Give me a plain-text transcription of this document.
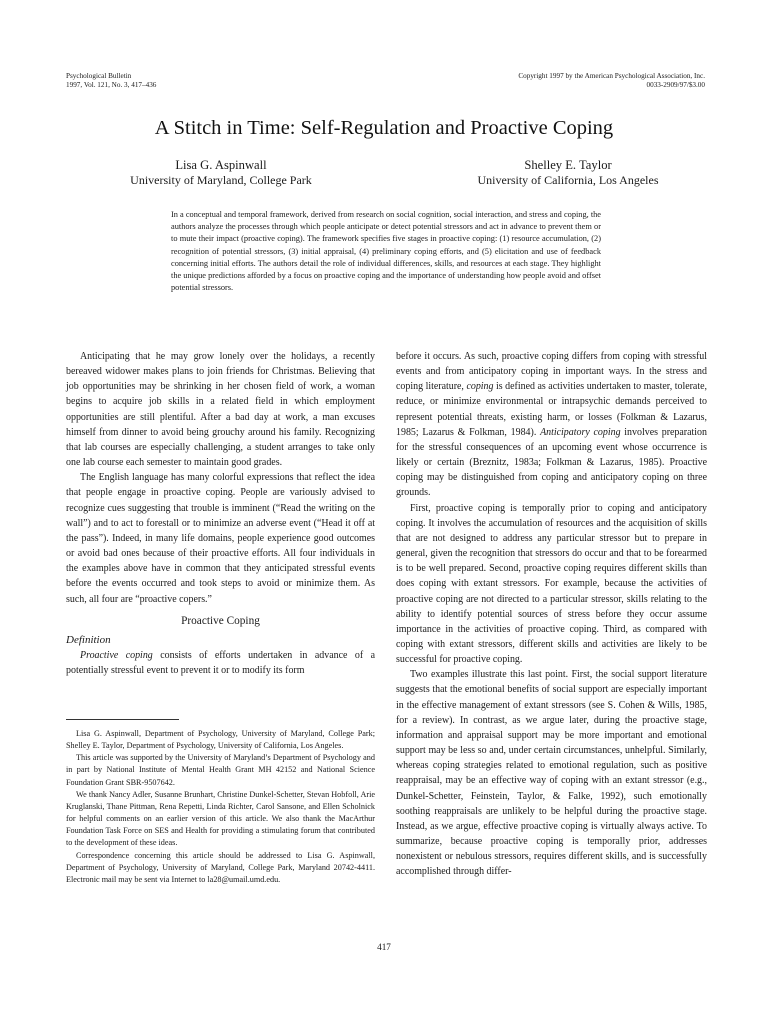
Psychological Bulletin
1997, Vol. 121, No. 3, 417–436
Copyright 1997 by the American Psychological Association, Inc.
0033-2909/97/$3.00
A Stitch in Time: Self-Regulation and Proactive Coping
Lisa G. Aspinwall
University of Maryland, College Park
Shelley E. Taylor
University of California, Los Angeles
In a conceptual and temporal framework, derived from research on social cognition, social interaction, and stress and coping, the authors analyze the processes through which people anticipate or detect potential stressors and act in advance to prevent them or to mute their impact (proactive coping). The framework specifies five stages in proactive coping: (1) resource accumulation, (2) recognition of potential stressors, (3) initial appraisal, (4) preliminary coping efforts, and (5) elicitation and use of feedback concerning initial efforts. The authors detail the role of individual differences, skills, and resources at each stage. They highlight the unique predictions afforded by a focus on proactive coping and the importance of understanding how people avoid and offset potential stressors.

Anticipating that he may grow lonely over the holidays, a recently bereaved widower makes plans to join friends for Christmas. Believing that job opportunities may be shrinking in her chosen field of work, a woman begins to acquire job skills in a related field in which employment opportunities are still plentiful. After a bad day at work, a man excuses himself from dinner to avoid being grouchy around his family. Recognizing that lab courses are especially challenging, a student arranges to take only one lab course each semester to maintain good grades.

The English language has many colorful expressions that reflect the idea that people engage in proactive coping. People are variously advised to recognize cues suggesting that trouble is imminent (“Read the writing on the wall”) and to act to forestall or to minimize an adverse event (“Head it off at the pass”). Indeed, in many life domains, people experience good outcomes or avoid bad ones because of their proactive efforts. All four individuals in the examples above have in common that they anticipated stressful events before the events occurred and took steps to avoid or minimize them. As such, all four are “proactive copers.”

Proactive Coping
Definition

Proactive coping consists of efforts undertaken in advance of a potentially stressful event to prevent it or to modify its form

Lisa G. Aspinwall, Department of Psychology, University of Maryland, College Park; Shelley E. Taylor, Department of Psychology, University of California, Los Angeles.

This article was supported by the University of Maryland’s Department of Psychology and in part by National Institute of Mental Health Grant MH 42152 and National Science Foundation Grant SBR-9507642.

We thank Nancy Adler, Susanne Brunhart, Christine Dunkel-Schetter, Stevan Hobfoll, Arie Kruglanski, Thane Pittman, Rena Repetti, Linda Richter, Carol Sansone, and Ellen Scholnick for helpful comments on an earlier version of this article. We also thank the MacArthur Foundation Task Force on SES and Health for providing a stimulating forum that contributed to the development of these ideas.

Correspondence concerning this article should be addressed to Lisa G. Aspinwall, Department of Psychology, University of Maryland, College Park, Maryland 20742-4411. Electronic mail may be sent via Internet to la28@umail.umd.edu.

before it occurs. As such, proactive coping differs from coping with stressful events and from anticipatory coping in important ways. In the stress and coping literature, coping is defined as activities undertaken to master, tolerate, reduce, or minimize environmental or intrapsychic demands perceived to represent potential threats, existing harm, or losses (Folkman & Lazarus, 1985; Lazarus & Folkman, 1984). Anticipatory coping involves preparation for the stressful consequences of an upcoming event whose occurrence is likely or certain (Breznitz, 1983a; Folkman & Lazarus, 1985). Proactive coping may be distinguished from coping and anticipatory coping on three grounds.

First, proactive coping is temporally prior to coping and anticipatory coping. It involves the accumulation of resources and the acquisition of skills that are not designed to address any particular stressor but to prepare in general, given the recognition that stressors do occur and that to be forearmed is to be well prepared. Second, proactive coping requires different skills than does coping with extant stressors. For example, because the activities of proactive coping are not directed to a particular stressor, skills relating to the ability to identify potential sources of stress before they occur assume importance in the activities of proactive coping. Third, as compared with coping with extant stressors, different skills and activities are likely to be successful for proactive coping.

Two examples illustrate this last point. First, the social support literature suggests that the emotional benefits of social support are especially important in the effective management of extant stressors (see S. Cohen & Wills, 1985, for a review). In contrast, as we argue later, during the proactive stage, information and appraisal support may be more important and emotional support may be less so and, under certain circumstances, unhelpful. Similarly, whereas coping strategies related to emotional regulation, such as positive reappraisal, may be an effective way of coping with an extant stressor (e.g., Dunkel-Schetter, Feinstein, Taylor, & Falke, 1992), such emotionally soothing reappraisals are unlikely to be helpful during the proactive stage. Instead, as we argue, effective proactive coping is virtually always active. To summarize, because proactive coping is temporally prior, addresses nonexistent or nebulous stressors, requires different skills, and is successfully accomplished through differ-

417
